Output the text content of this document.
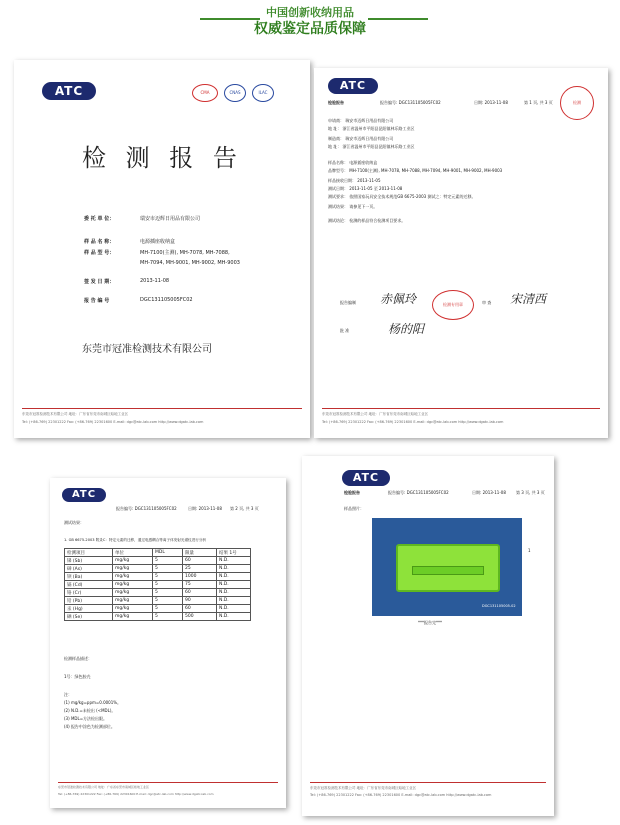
中国创新收纳用品
权威鉴定品质保障
ATC	CMA	CNAS	ILAC
检 测 报 告
委 托 单 位：	瑞安市迈辉日用品有限公司
样 品 名 称：	电源插座收纳盒
样 品 型 号：	MH-7100(主测), MH-7078, MH-7088,
MH-7094, MH-9001, MH-9002, MH-9003
签 发 日 期：	2013-11-08
报 告 编 号	DGC131105005FC02
东莞市冠准检测技术有限公司
东莞市冠准检测技术有限公司 地址：广东省东莞市南城区蛤地工业区
Tel: (+86-769) 22301222 Fax: (+86-769) 22301600 E-mail: dgc@atc-lab.com http://www.dgatc-lab.com
ATC
检测
检验报告	报告编号: DGC131105005FC02	日期: 2013-11-08	第 1 页, 共 3 页
申请商： 瑞安市迈辉日用品有限公司
地 址： 浙江省温州市平阳县昆阳镇林乐路工业区
制造商： 瑞安市迈辉日用品有限公司
地 址： 浙江省温州市平阳县昆阳镇林乐路工业区
样品名称： 电源插座收纳盒
品牌型号： MH-7100(主测), MH-7078, MH-7088, MH-7094, MH-9001, MH-9002, MH-9003
样品接收日期： 2013-11-05
测试日期： 2013-11-05 至 2013-11-08
测试要求： 依照国家玩具安全技术规范GB 6675-2003 测试之：特定元素的迁移。
测试结果： 请参见下一页。
测试结论： 检测的样品符合检测项目要求。
报告编制 赤佩玲	检测专用章	审 查 宋清西
批 准	杨的阳
东莞市冠准检测技术有限公司 地址：广东省东莞市南城区蛤地工业区
Tel: (+86-769) 22301222 Fax: (+86-769) 22301600 E-mail: dgc@atc-lab.com http://www.dgatc-lab.com
ATC
报告编号: DGC131105005FC02	日期: 2013-11-08 第 2 页, 共 3 页
测试结果：
1. GB 6675-2003 附录C：特定元素的迁移，通过电感耦合等离子体发射光谱仪进行分析
检测项目	单位	MDL	限量	结果 1号
锑 (Sb)	mg/kg	5	60	N.D.
砷 (As)	mg/kg	5	25	N.D.
钡 (Ba)	mg/kg	5	1000	N.D.
镉 (Cd)	mg/kg	5	75	N.D.
铬 (Cr)	mg/kg	5	60	N.D.
铅 (Pb)	mg/kg	5	90	N.D.
汞 (Hg)	mg/kg	5	60	N.D.
硒 (Se)	mg/kg	5	500	N.D.
检测样品描述：
1号：绿色胶壳
注：
(1) mg/kg=ppm=0.0001%。
(2) N.D.=未检出 (<MDL)。
(3) MDL=方法检出限。
(4) 报告中涂色为检测部位。
东莞市冠准检测技术有限公司 地址：广东省东莞市南城区蛤地工业区
Tel: (+86-769) 22301222 Fax: (+86-769) 22301600 E-mail: dgc@atc-lab.com http://www.dgatc-lab.com
ATC
检验报告	报告编号: DGC131105005FC02	日期: 2013-11-08	第 3 页, 共 3 页
样品照片：
DGC131105005-02
1
***报告完***
东莞市冠准检测技术有限公司 地址：广东省东莞市南城区蛤地工业区
Tel: (+86-769) 22301222 Fax: (+86-769) 22301600 E-mail: dgc@atc-lab.com http://www.dgatc-lab.com
